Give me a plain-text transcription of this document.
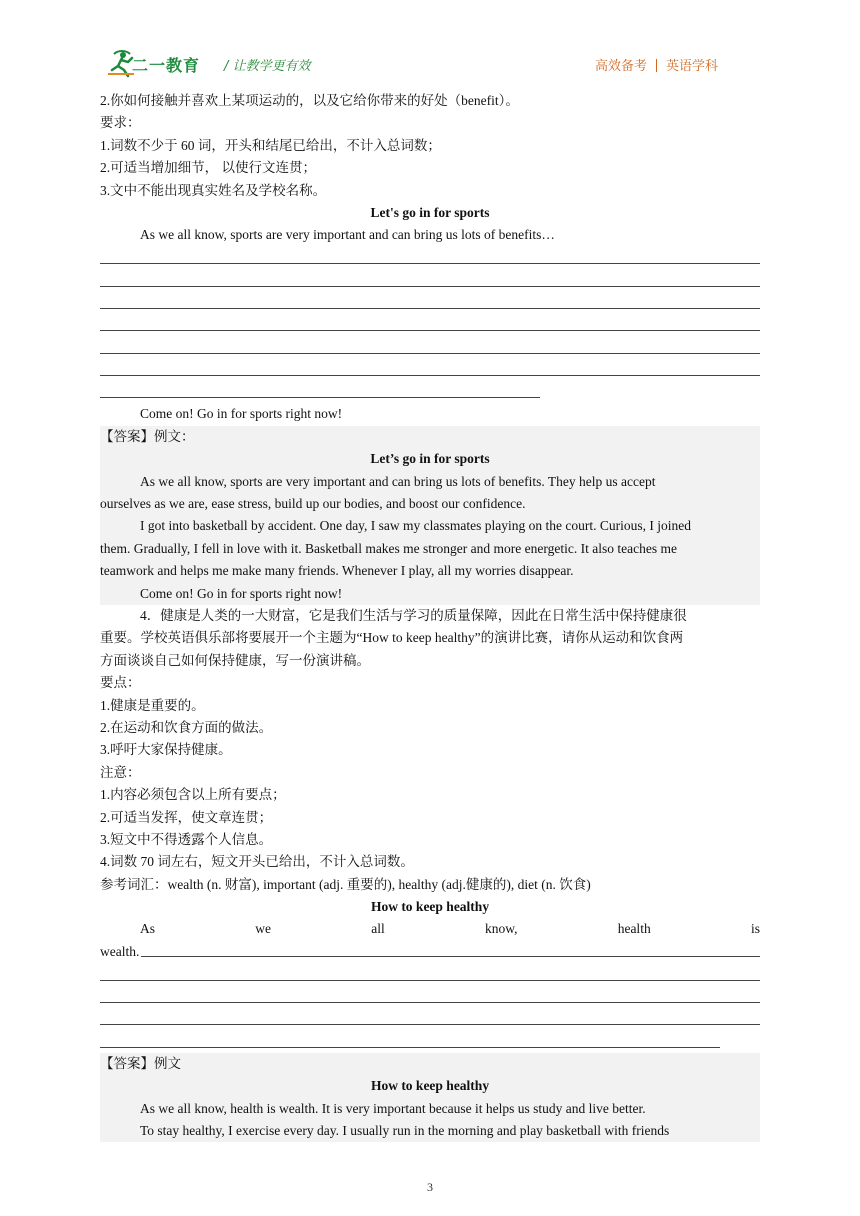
二一教育 / 让教学更有效	高效备考 英语学科
2.你如何接触并喜欢上某项运动的，以及它给你带来的好处（benefit）。
要求：
1.词数不少于 60 词，开头和结尾已给出，不计入总词数；
2.可适当增加细节， 以使行文连贯；
3.文中不能出现真实姓名及学校名称。
Let's go in for sports
As we all know, sports are very important and can bring us lots of benefits…
Come on! Go in for sports right now!
【答案】例文：
Let’s go in for sports
As we all know, sports are very important and can bring us lots of benefits. They help us accept
ourselves as we are, ease stress, build up our bodies, and boost our confidence.
I got into basketball by accident. One day, I saw my classmates playing on the court. Curious, I joined
them. Gradually, I fell in love with it. Basketball makes me stronger and more energetic. It also teaches me
teamwork and helps me make many friends. Whenever I play, all my worries disappear.
Come on! Go in for sports right now!
4．健康是人类的一大财富，它是我们生活与学习的质量保障，因此在日常生活中保持健康很
重要。学校英语俱乐部将要展开一个主题为“How to keep healthy”的演讲比赛，请你从运动和饮食两
方面谈谈自己如何保持健康，写一份演讲稿。
要点：
1.健康是重要的。
2.在运动和饮食方面的做法。
3.呼吁大家保持健康。
注意：
1.内容必须包含以上所有要点；
2.可适当发挥，使文章连贯；
3.短文中不得透露个人信息。
4.词数 70 词左右，短文开头已给出，不计入总词数。
参考词汇：wealth (n. 财富), important (adj. 重要的), healthy (adj.健康的), diet (n. 饮食)
How to keep healthy
As	we	all	know,	health	is
wealth.
【答案】例文
How to keep healthy
As we all know, health is wealth. It is very important because it helps us study and live better.
To stay healthy, I exercise every day. I usually run in the morning and play basketball with friends
3
